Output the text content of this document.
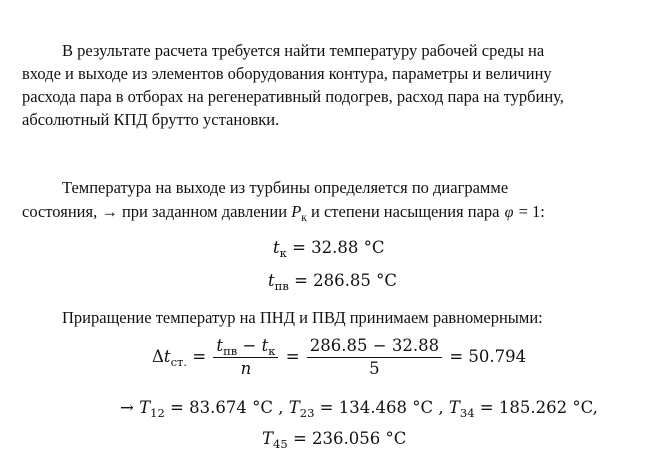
В результате расчета требуется найти температуру рабочей среды на
входе и выходе из элементов оборудования контура, параметры и величину
расхода пара в отборах на регенеративный подогрев, расход пара на турбину,
абсолютный КПД брутто установки.
Температура на выходе из турбины определяется по диаграмме
состояния, → при заданном давлении $P_к$ и степени насыщения пара φ = 1:
$t_к = 32.88$ °C
$t_{пв} = 286.85$ °C
Приращение температур на ПНД и ПВД принимаем равномерными:
$\Delta t_{ст.} = \frac{t_{пв} - t_к}{n} = \frac{286.85 - 32.88}{5} = 50.794$
→ $T_{12} = 83.674$ °C , $T_{23} = 134.468$ °C , $T_{34} = 185.262$ °C,
$T_{45} = 236.056$ °C
